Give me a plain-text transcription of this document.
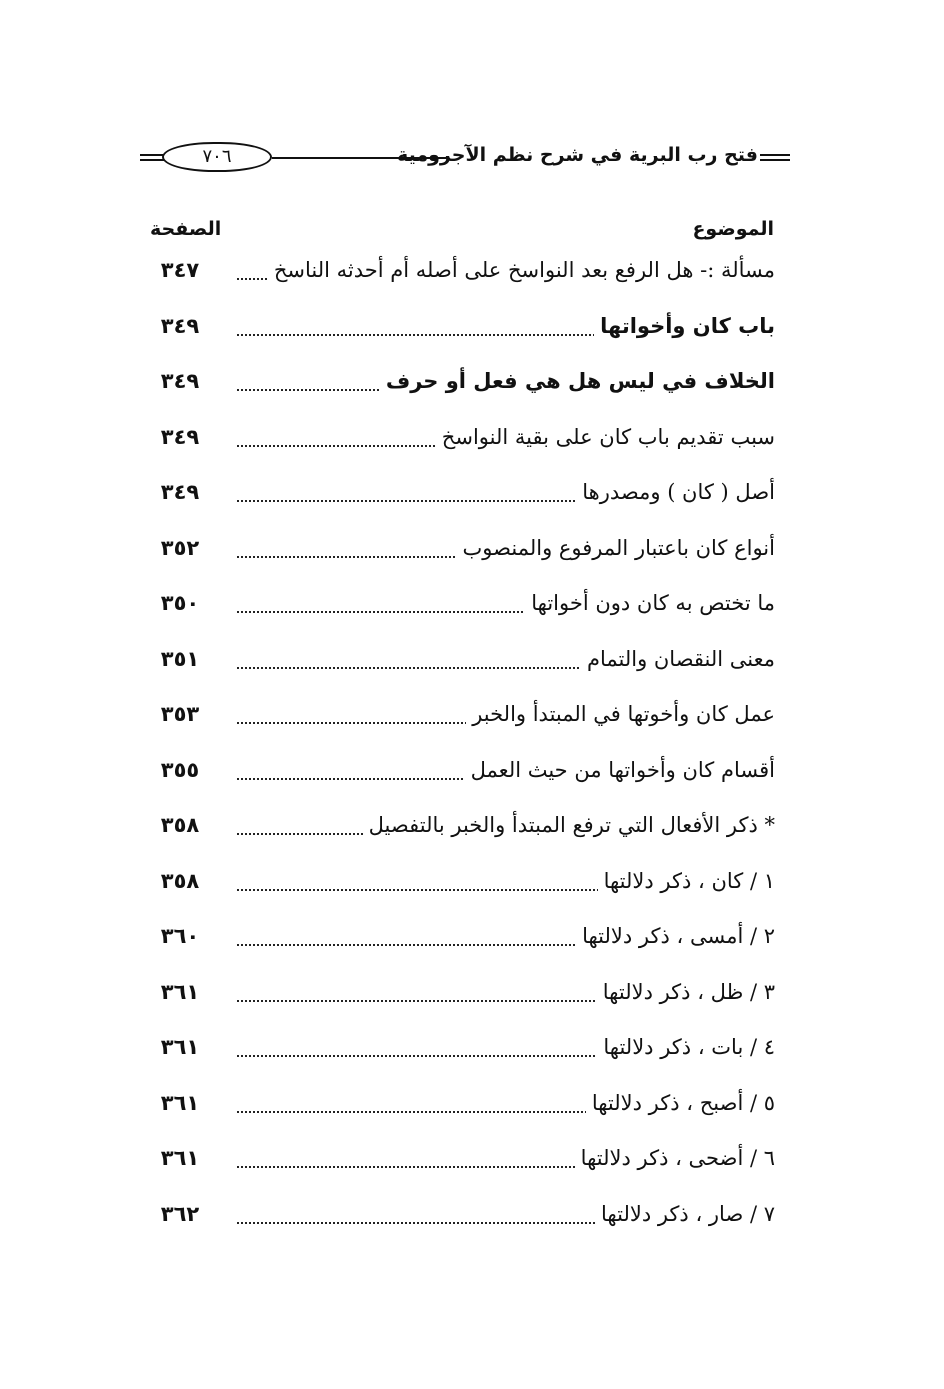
فتح رب البرية في شرح نظم الآجرومية
٧٠٦
الموضوع
الصفحة
مسألة :- هل الرفع بعد النواسخ على أصله أم أحدثه الناسخ
٣٤٧
باب كان وأخواتها
٣٤٩
الخلاف في ليس هل هي فعل أو حرف
٣٤٩
سبب تقديم باب كان على بقية النواسخ
٣٤٩
أصل ( كان ) ومصدرها
٣٤٩
أنواع كان باعتبار المرفوع والمنصوب
٣٥٢
ما تختص به كان دون أخواتها
٣٥٠
معنى النقصان والتمام
٣٥١
عمل كان وأخوتها في المبتدأ والخبر
٣٥٣
أقسام كان وأخواتها من حيث العمل
٣٥٥
* ذكر الأفعال التي ترفع المبتدأ والخبر بالتفصيل
٣٥٨
١ / كان ، ذكر دلالتها
٣٥٨
٢ / أمسى ، ذكر دلالتها
٣٦٠
٣ / ظل ، ذكر دلالتها
٣٦١
٤ / بات ، ذكر دلالتها
٣٦١
٥ / أصبح ، ذكر دلالتها
٣٦١
٦ / أضحى ، ذكر دلالتها
٣٦١
٧ / صار ، ذكر دلالتها
٣٦٢
